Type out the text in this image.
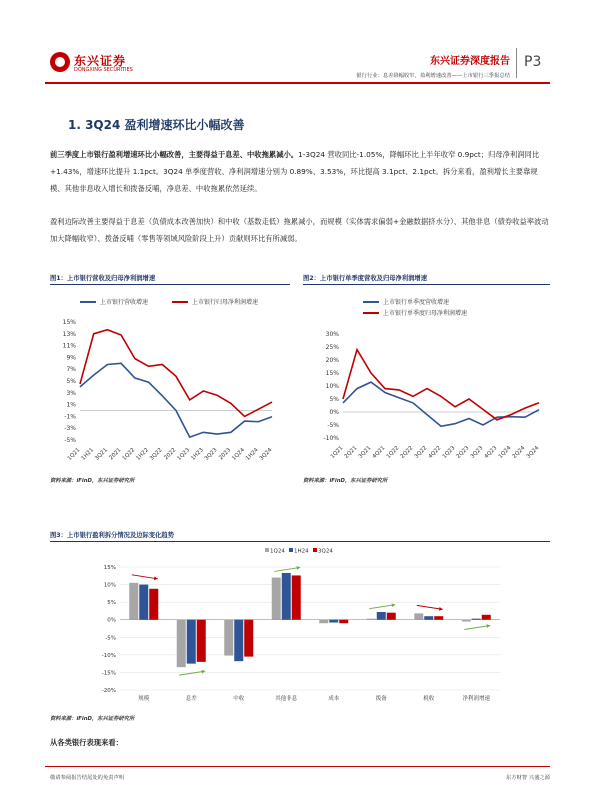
东兴证券
DONGXING SECURITIES
东兴证券深度报告
银行行业：息差降幅收窄，盈利增速改善——上市银行三季报总结
P3
1. 3Q24 盈利增速环比小幅改善
前三季度上市银行盈利增速环比小幅改善，主要得益于息差、中收拖累减小。1-3Q24 营收同比-1.05%，降幅环比上半年收窄 0.9pct；归母净利润同比+1.43%，增速环比提升 1.1pct。3Q24 单季度营收、净利润增速分别为 0.89%、3.53%，环比提高 3.1pct、2.1pct。拆分来看，盈利增长主要靠规模、其他非息收入增长和拨备反哺，净息差、中收拖累依然延续。
盈利边际改善主要得益于息差（负债成本改善加快）和中收（基数走低）拖累减小，而规模（实体需求偏弱+金融数据挤水分）、其他非息（债券收益率波动加大降幅收窄）、拨备反哺（零售等领域风险阶段上升）贡献则环比有所减弱。
图1：上市银行营收及归母净利润增速
上市银行营收增速	上市银行归母净利润增速
15%
13%
11%
9%
7%
5%
3%
1%
-1%
-3%
-5%
1Q21 1H21
3Q21 2021
1Q22 1H22
3Q22 2022
1Q23 1H23
3Q23 2023
1Q24 1H24
3Q24
资料来源：iFinD，东兴证券研究所
图2：上市银行单季度营收及归母净利润增速
上市银行单季度营收增速
上市银行单季度归母净利润增速
30%
25%
20%
15%
10%
5%
0%
-5%
-10%
1Q21 2Q21 3Q21 4Q21 1Q22 2Q22 3Q22 4Q22 1Q23 2Q23 3Q23 4Q23 1Q24 2Q24 3Q24
资料来源：iFinD，东兴证券研究所
图3：上市银行盈利拆分情况及边际变化趋势
1Q24 1H24 3Q24
15%
10%
5%
0%
-5%
-10%
-15%
-20%
规模	息差	中收	其他非息	成本	拨备	税收	净利润增速
资料来源：iFinD，东兴证券研究所
从各类银行表现来看：
敬请参阅报告结尾处的免责声明	东方财智 兴盛之源
